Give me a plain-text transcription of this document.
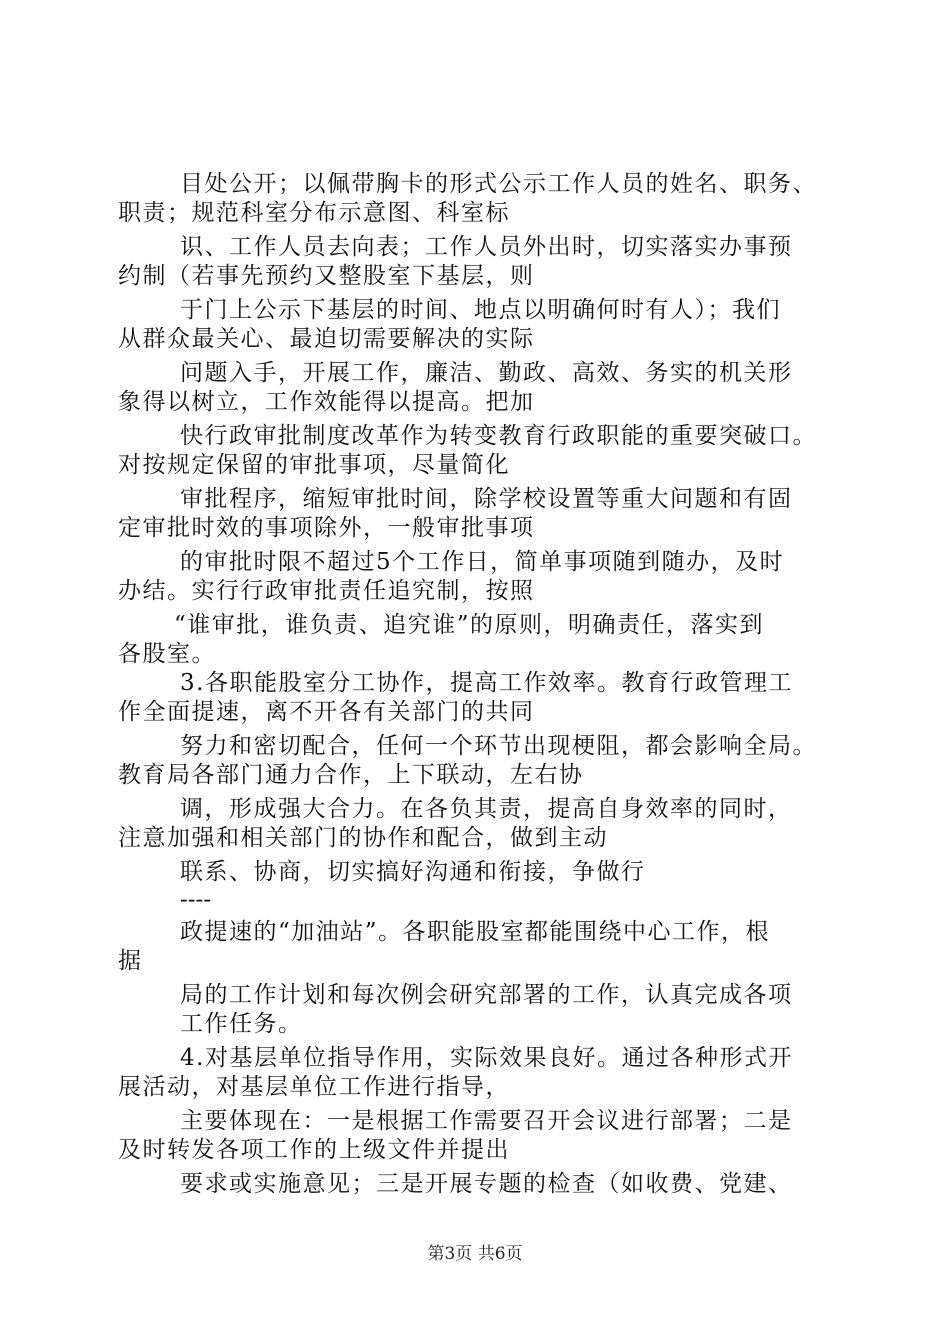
目处公开；以佩带胸卡的形式公示工作人员的姓名、职务、
职责；规范科室分布示意图、科室标
识、工作人员去向表；工作人员外出时，切实落实办事预
约制（若事先预约又整股室下基层，则
于门上公示下基层的时间、地点以明确何时有人）；我们
从群众最关心、最迫切需要解决的实际
问题入手，开展工作，廉洁、勤政、高效、务实的机关形
象得以树立，工作效能得以提高。把加
快行政审批制度改革作为转变教育行政职能的重要突破口。
对按规定保留的审批事项，尽量简化
审批程序，缩短审批时间，除学校设置等重大问题和有固
定审批时效的事项除外，一般审批事项
的审批时限不超过5个工作日，简单事项随到随办，及时
办结。实行行政审批责任追究制，按照
“谁审批，谁负责、追究谁”的原则，明确责任，落实到
各股室。
3.各职能股室分工协作，提高工作效率。教育行政管理工
作全面提速，离不开各有关部门的共同
努力和密切配合，任何一个环节出现梗阻，都会影响全局。
教育局各部门通力合作，上下联动，左右协
调，形成强大合力。在各负其责，提高自身效率的同时，
注意加强和相关部门的协作和配合，做到主动
联系、协商，切实搞好沟通和衔接，争做行
----
政提速的“加油站”。各职能股室都能围绕中心工作，根
据
局的工作计划和每次例会研究部署的工作，认真完成各项
工作任务。
4.对基层单位指导作用，实际效果良好。通过各种形式开
展活动，对基层单位工作进行指导，
主要体现在：一是根据工作需要召开会议进行部署；二是
及时转发各项工作的上级文件并提出
要求或实施意见；三是开展专题的检查（如收费、党建、
第3页 共6页
